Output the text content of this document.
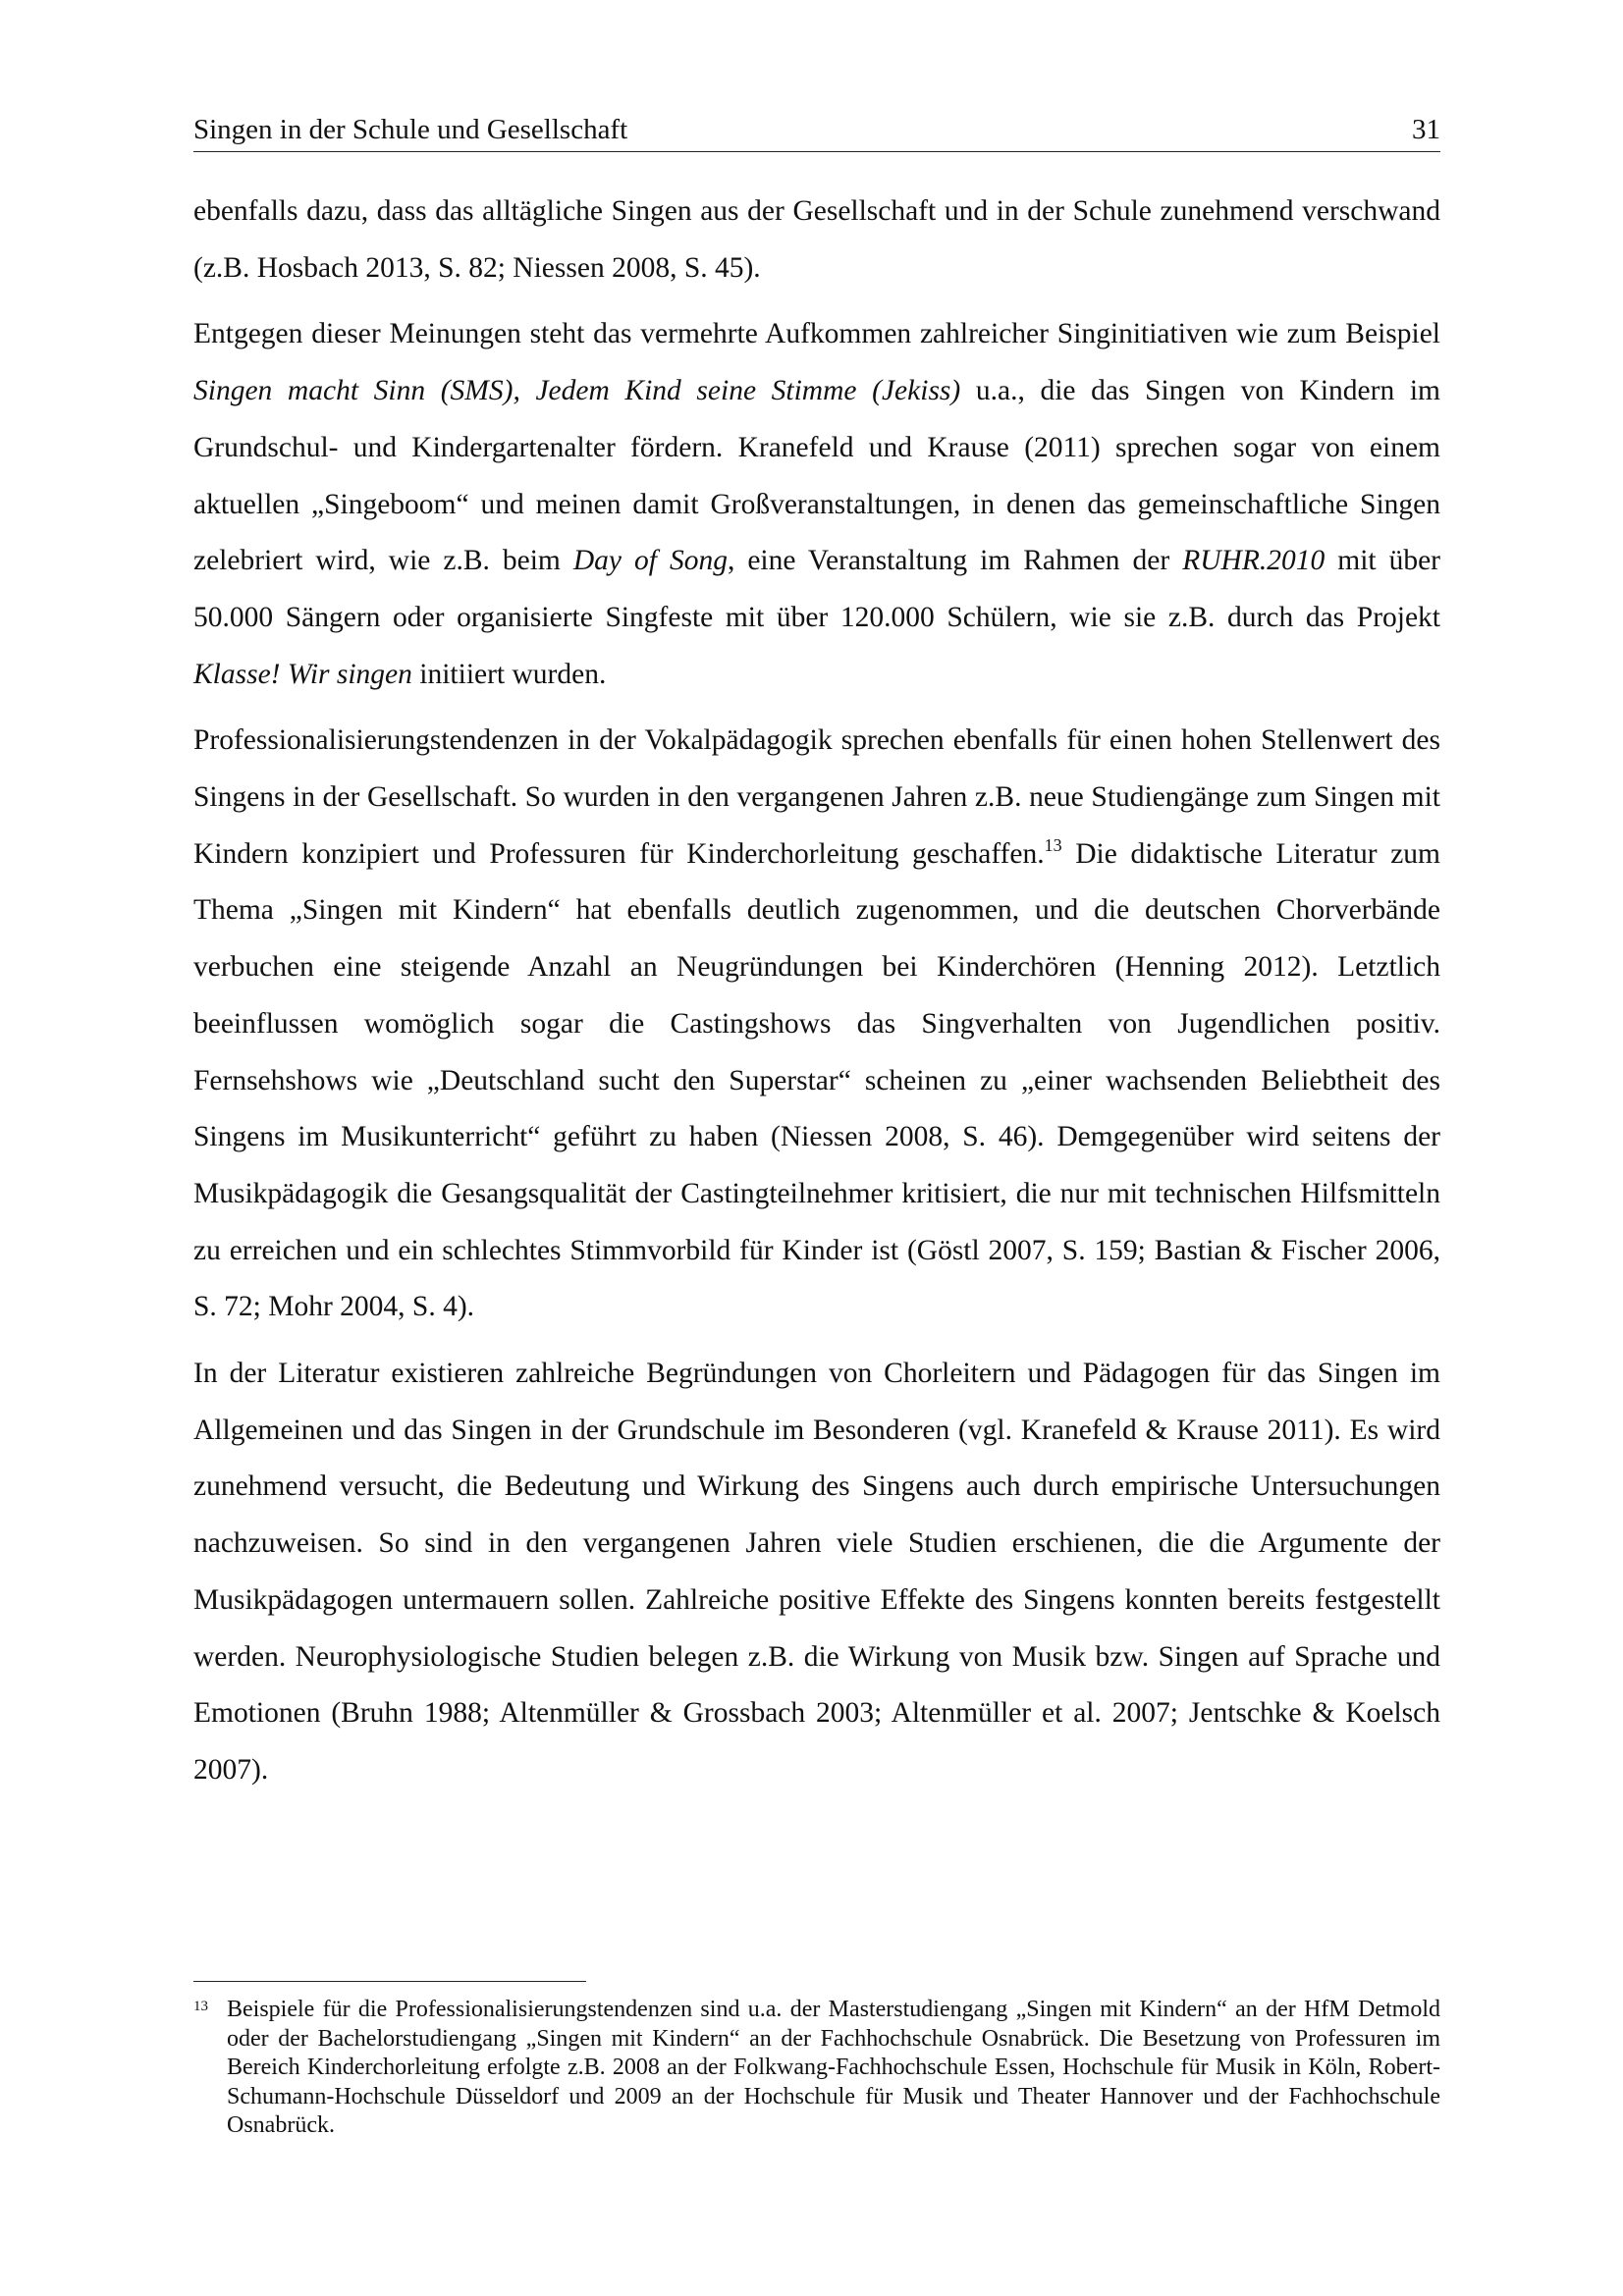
Singen in der Schule und Gesellschaft	31

ebenfalls dazu, dass das alltägliche Singen aus der Gesellschaft und in der Schule zunehmend verschwand (z.B. Hosbach 2013, S. 82; Niessen 2008, S. 45).

Entgegen dieser Meinungen steht das vermehrte Aufkommen zahlreicher Singinitiativen wie zum Beispiel Singen macht Sinn (SMS), Jedem Kind seine Stimme (Jekiss) u.a., die das Singen von Kindern im Grundschul- und Kindergartenalter fördern. Kranefeld und Krause (2011) sprechen sogar von einem aktuellen „Singeboom“ und meinen damit Großveranstaltungen, in denen das gemeinschaftliche Singen zelebriert wird, wie z.B. beim Day of Song, eine Veranstaltung im Rahmen der RUHR.2010 mit über 50.000 Sängern oder organisierte Singfeste mit über 120.000 Schülern, wie sie z.B. durch das Projekt Klasse! Wir singen initiiert wurden.

Professionalisierungstendenzen in der Vokalpädagogik sprechen ebenfalls für einen hohen Stellenwert des Singens in der Gesellschaft. So wurden in den vergangenen Jahren z.B. neue Studiengänge zum Singen mit Kindern konzipiert und Professuren für Kinderchorleitung geschaffen.$^{13}$ Die didaktische Literatur zum Thema „Singen mit Kindern“ hat ebenfalls deutlich zugenommen, und die deutschen Chorverbände verbuchen eine steigende Anzahl an Neugründungen bei Kinderchören (Henning 2012). Letztlich beeinflussen womöglich sogar die Castingshows das Singverhalten von Jugendlichen positiv. Fernsehshows wie „Deutschland sucht den Superstar“ scheinen zu „einer wachsenden Beliebtheit des Singens im Musikunterricht“ geführt zu haben (Niessen 2008, S. 46). Demgegenüber wird seitens der Musikpädagogik die Gesangsqualität der Castingteilnehmer kritisiert, die nur mit technischen Hilfsmitteln zu erreichen und ein schlechtes Stimmvorbild für Kinder ist (Göstl 2007, S. 159; Bastian & Fischer 2006, S. 72; Mohr 2004, S. 4).

In der Literatur existieren zahlreiche Begründungen von Chorleitern und Pädagogen für das Singen im Allgemeinen und das Singen in der Grundschule im Besonderen (vgl. Kranefeld & Krause 2011). Es wird zunehmend versucht, die Bedeutung und Wirkung des Singens auch durch empirische Untersuchungen nachzuweisen. So sind in den vergangenen Jahren viele Studien erschienen, die die Argumente der Musikpädagogen untermauern sollen. Zahlreiche positive Effekte des Singens konnten bereits festgestellt werden. Neurophysiologische Studien belegen z.B. die Wirkung von Musik bzw. Singen auf Sprache und Emotionen (Bruhn 1988; Altenmüller & Grossbach 2003; Altenmüller et al. 2007; Jentschke & Koelsch 2007).

13 Beispiele für die Professionalisierungstendenzen sind u.a. der Masterstudiengang „Singen mit Kindern“ an der HfM Detmold oder der Bachelorstudiengang „Singen mit Kindern“ an der Fachhochschule Osnabrück. Die Besetzung von Professuren im Bereich Kinderchorleitung erfolgte z.B. 2008 an der Folkwang-Fachhochschule Essen, Hochschule für Musik in Köln, Robert-Schumann-Hochschule Düsseldorf und 2009 an der Hochschule für Musik und Theater Hannover und der Fachhochschule Osnabrück.
